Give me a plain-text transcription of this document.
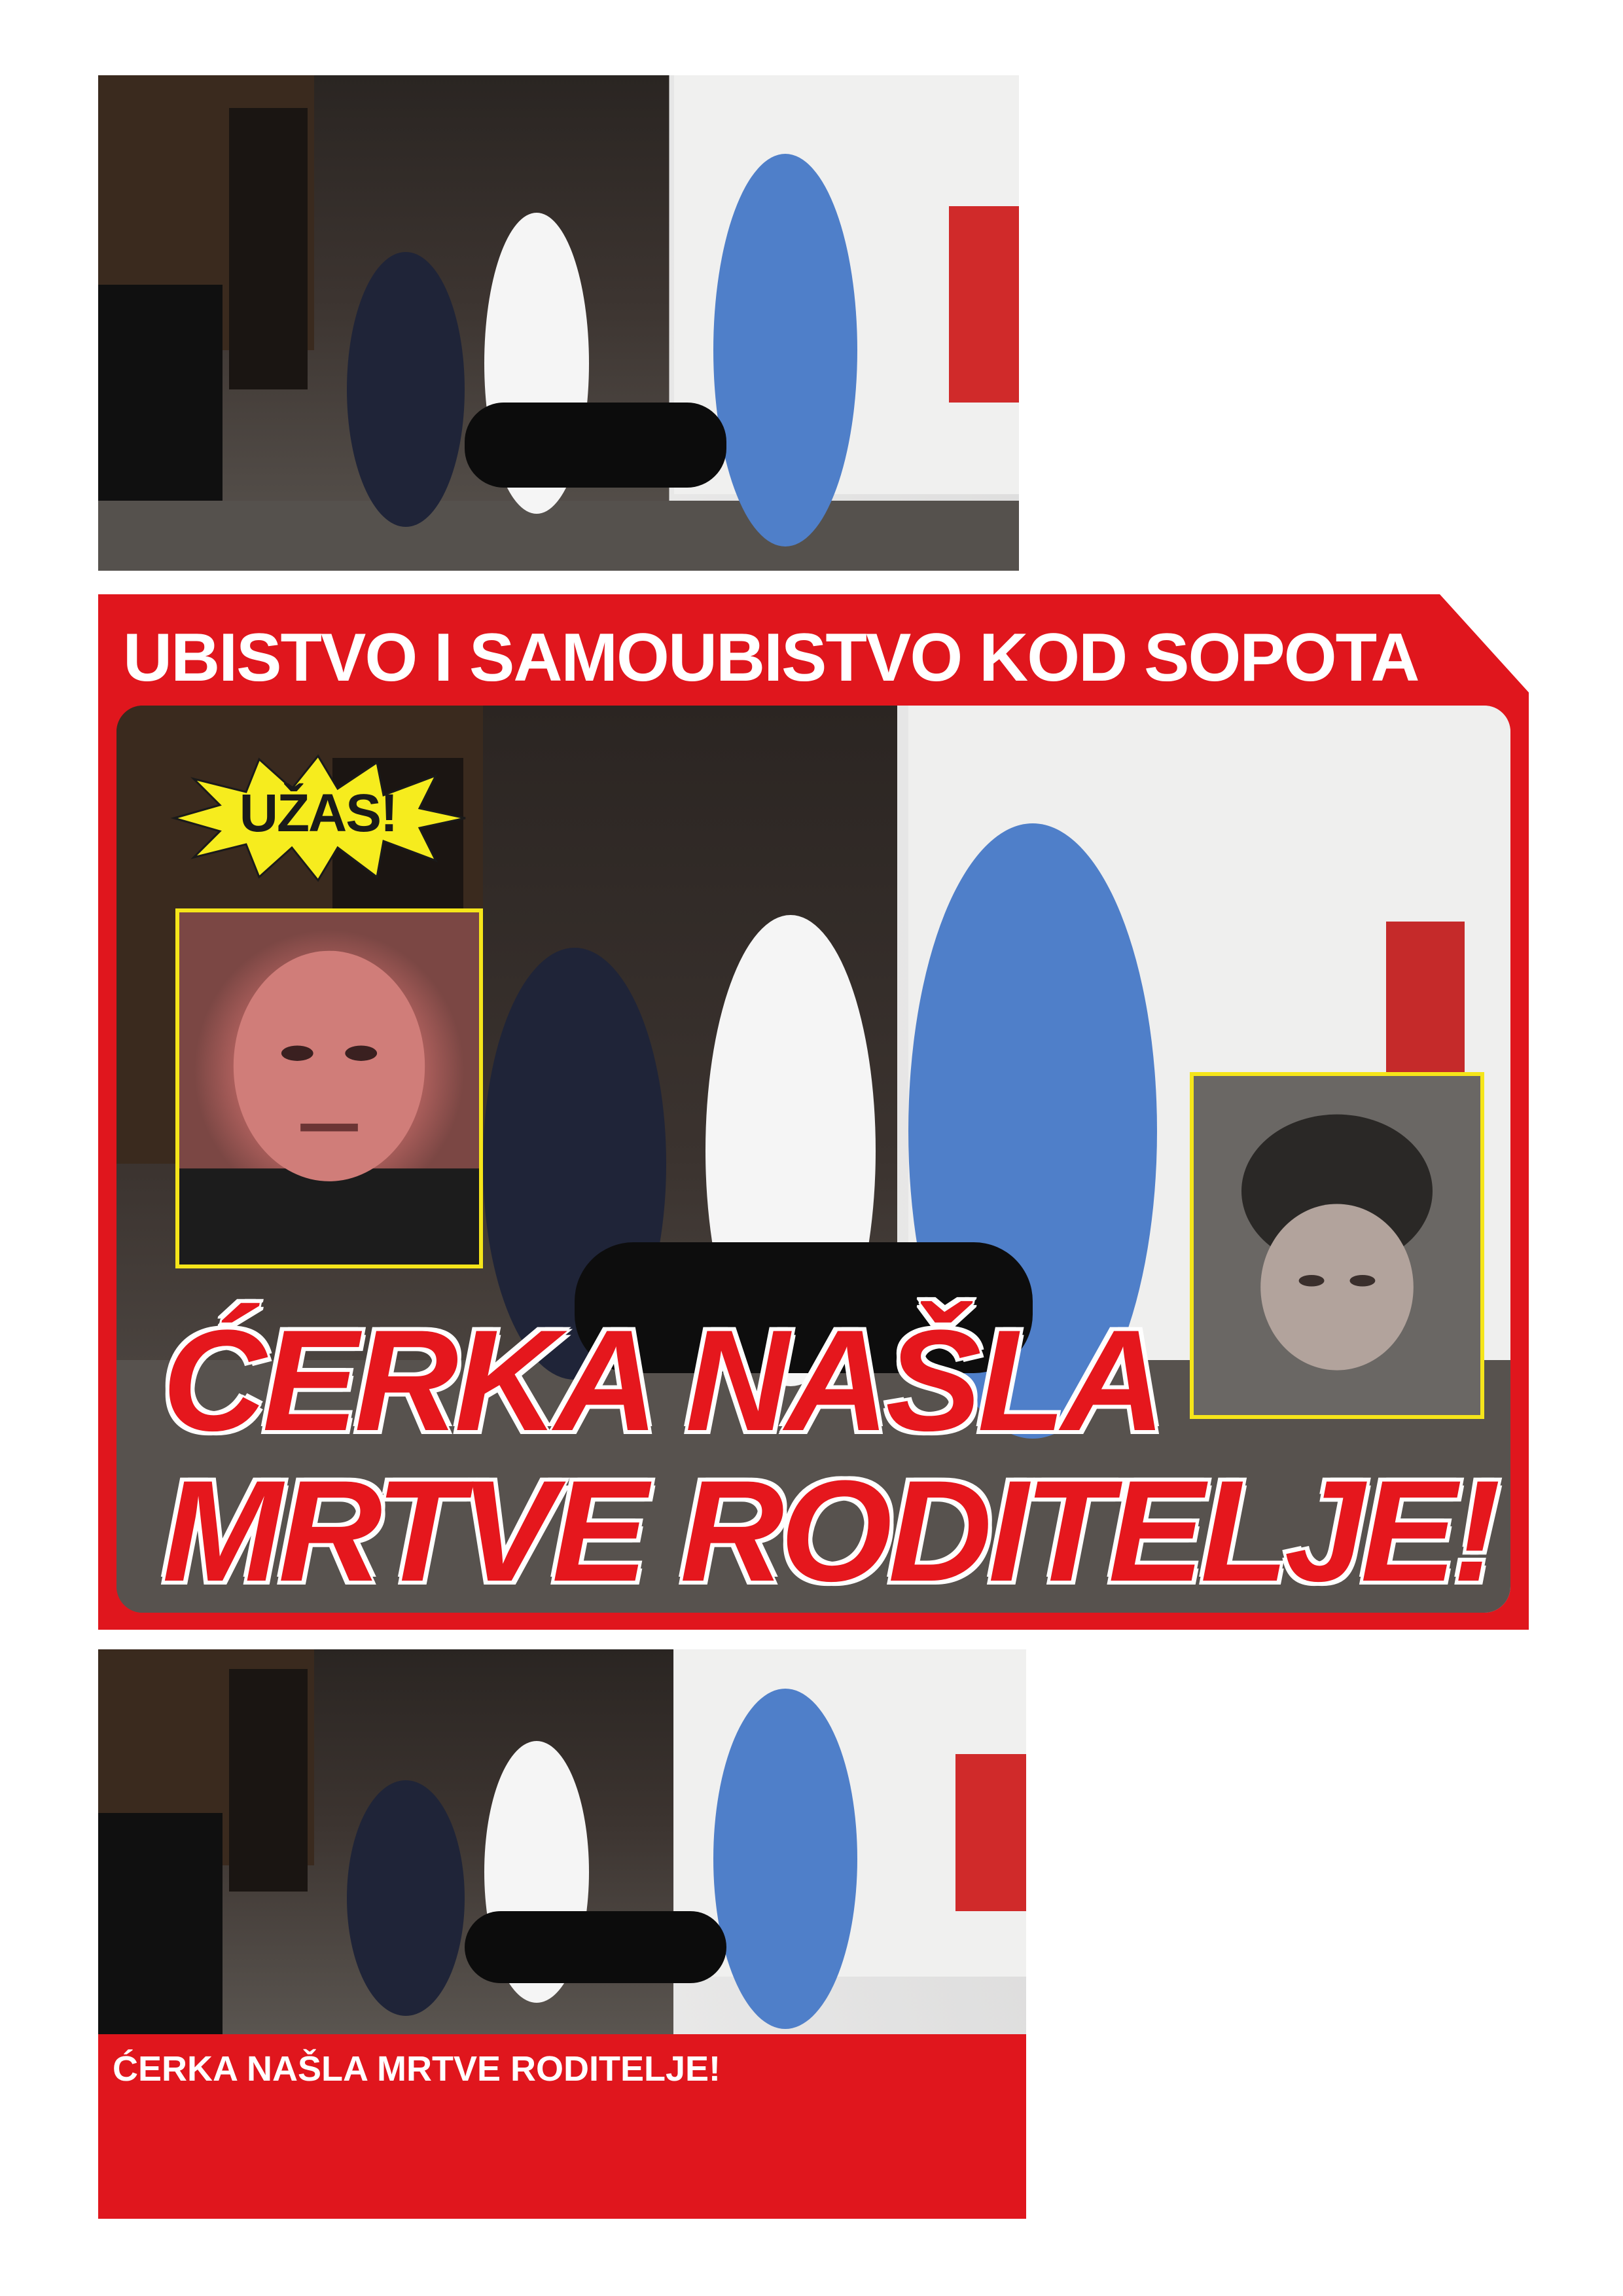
UBISTVO I SAMOUBISTVO KOD SOPOTA
UŽAS!
ĆERKA NAŠLA
MRTVE RODITELJE!
ĆERKA NAŠLA MRTVE RODITELJE!
